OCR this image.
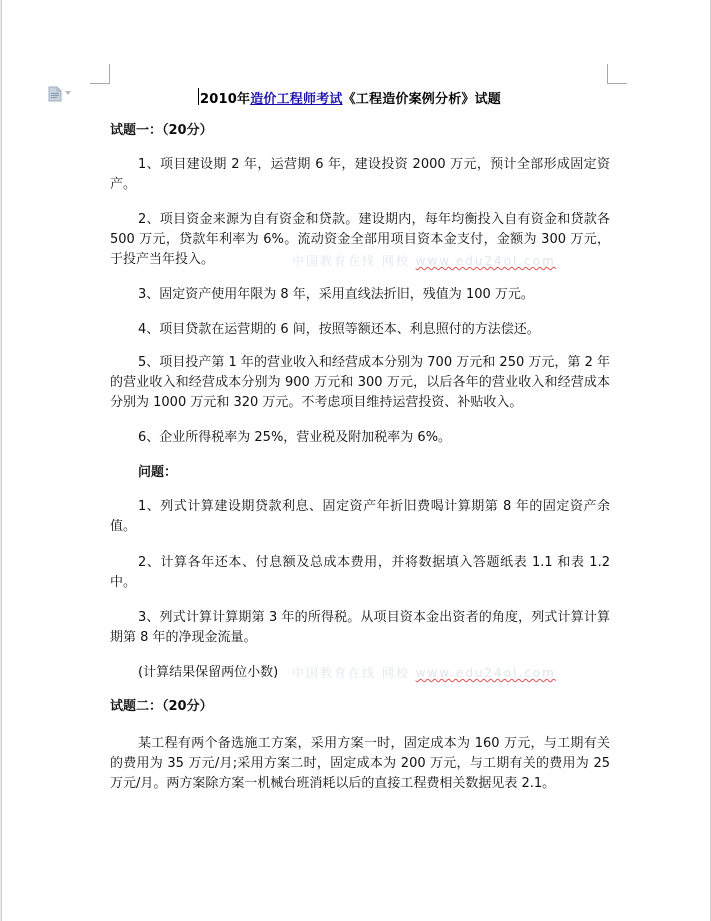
2010年造价工程师考试《工程造价案例分析》试题
试题一：（20分）
1、项目建设期 2 年，运营期 6 年，建设投资 2000 万元，预计全部形成固定资产。
2、项目资金来源为自有资金和贷款。建设期内，每年均衡投入自有资金和贷款各 500 万元，贷款年利率为 6%。流动资金全部用项目资本金支付，金额为 300 万元，于投产当年投入。
3、固定资产使用年限为 8 年，采用直线法折旧，残值为 100 万元。
4、项目贷款在运营期的 6 间，按照等额还本、利息照付的方法偿还。
5、项目投产第 1 年的营业收入和经营成本分别为 700 万元和 250 万元，第 2 年的营业收入和经营成本分别为 900 万元和 300 万元，以后各年的营业收入和经营成本分别为 1000 万元和 320 万元。不考虑项目维持运营投资、补贴收入。
6、企业所得税率为 25%，营业税及附加税率为 6%。
问题：
1、列式计算建设期贷款利息、固定资产年折旧费喝计算期第 8 年的固定资产余值。
2、计算各年还本、付息额及总成本费用，并将数据填入答题纸表 1.1 和表 1.2 中。
3、列式计算计算期第 3 年的所得税。从项目资本金出资者的角度，列式计算计算期第 8 年的净现金流量。
(计算结果保留两位小数)
试题二：（20分）
某工程有两个备选施工方案，采用方案一时，固定成本为 160 万元，与工期有关的费用为 35 万元/月;采用方案二时，固定成本为 200 万元，与工期有关的费用为 25 万元/月。两方案除方案一机械台班消耗以后的直接工程费相关数据见表 2.1。
中国教育在线 网校 www.edu24ol.com
中国教育在线 网校 www.edu24ol.com
